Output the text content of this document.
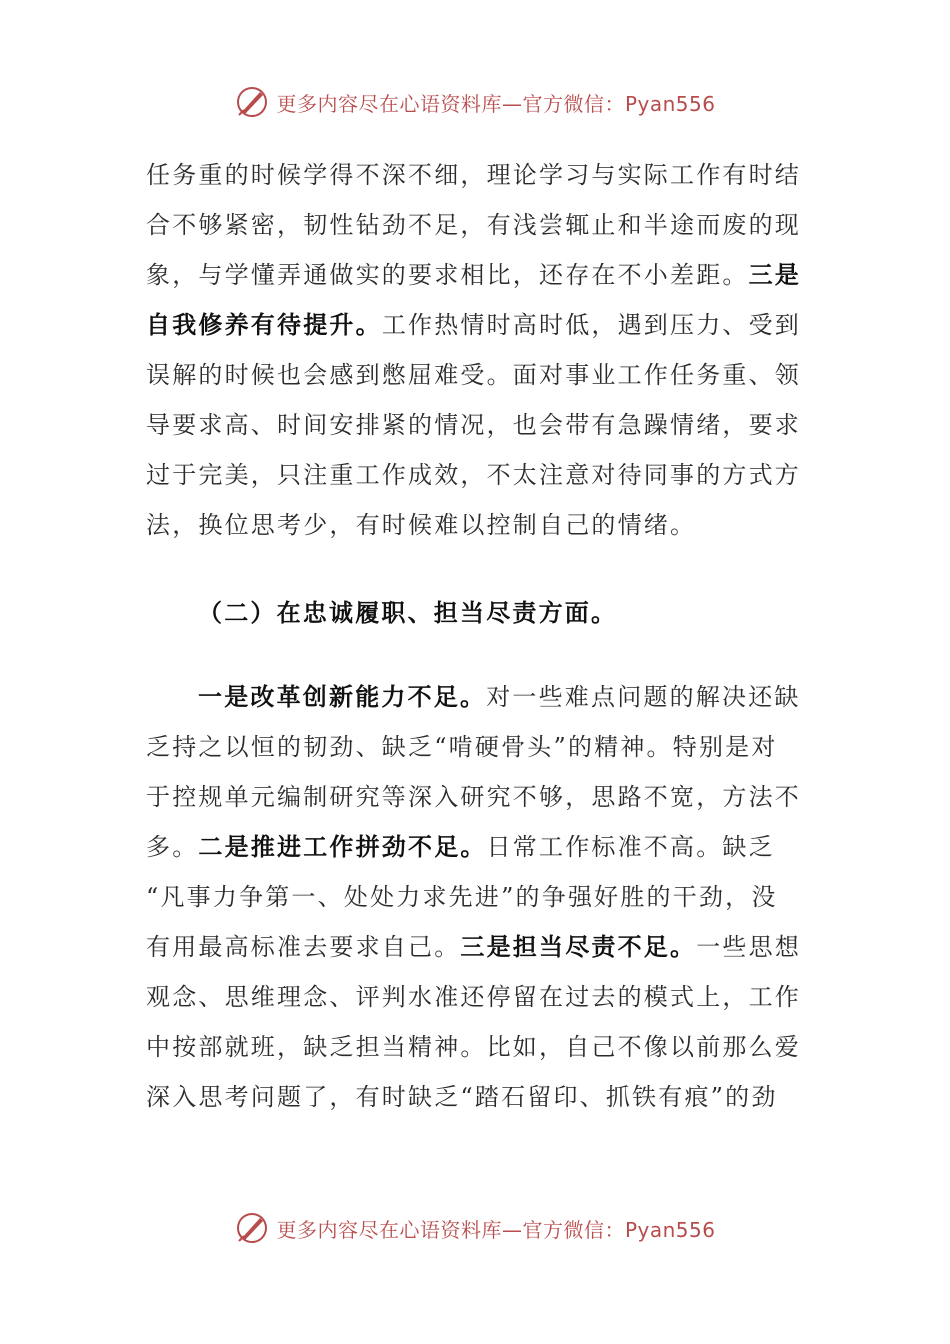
更多内容尽在心语资料库—官方微信：Pyan556
任务重的时候学得不深不细，理论学习与实际工作有时结
合不够紧密，韧性钻劲不足，有浅尝辄止和半途而废的现
象，与学懂弄通做实的要求相比，还存在不小差距。三是
自我修养有待提升。工作热情时高时低，遇到压力、受到
误解的时候也会感到憋屈难受。面对事业工作任务重、领
导要求高、时间安排紧的情况，也会带有急躁情绪，要求
过于完美，只注重工作成效，不太注意对待同事的方式方
法，换位思考少，有时候难以控制自己的情绪。
（二）在忠诚履职、担当尽责方面。
一是改革创新能力不足。对一些难点问题的解决还缺
乏持之以恒的韧劲、缺乏“啃硬骨头”的精神。特别是对
于控规单元编制研究等深入研究不够，思路不宽，方法不
多。二是推进工作拼劲不足。日常工作标准不高。缺乏
“凡事力争第一、处处力求先进”的争强好胜的干劲，没
有用最高标准去要求自己。三是担当尽责不足。一些思想
观念、思维理念、评判水准还停留在过去的模式上，工作
中按部就班，缺乏担当精神。比如，自己不像以前那么爱
深入思考问题了，有时缺乏“踏石留印、抓铁有痕”的劲
更多内容尽在心语资料库—官方微信：Pyan556
